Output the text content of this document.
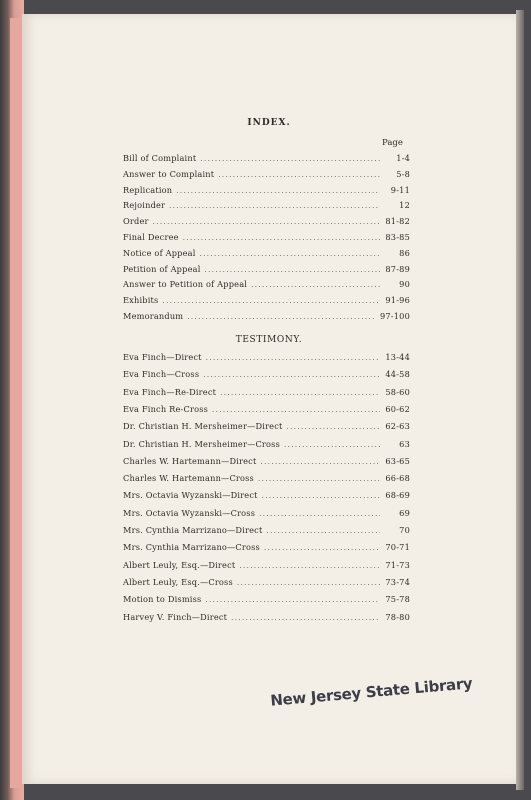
INDEX.
Page
Bill of Complaint .....	1-4
Answer to Complaint .....	5-8
Replication .....	9-11
Rejoinder .....	12
Order .....	81-82
Final Decree .....	83-85
Notice of Appeal .....	86
Petition of Appeal .....	87-89
Answer to Petition of Appeal .....	90
Exhibits .....	91-96
Memorandum .....	97-100
TESTIMONY.
Eva Finch—Direct .....	13-44
Eva Finch—Cross .....	44-58
Eva Finch—Re-Direct .....	58-60
Eva Finch Re-Cross .....	60-62
Dr. Christian H. Mersheimer—Direct .....	62-63
Dr. Christian H. Mersheimer—Cross .....	63
Charles W. Hartemann—Direct .....	63-65
Charles W. Hartemann—Cross .....	66-68
Mrs. Octavia Wyzanski—Direct .....	68-69
Mrs. Octavia Wyzanski—Cross .....	69
Mrs. Cynthia Marrizano—Direct .....	70
Mrs. Cynthia Marrizano—Cross .....	70-71
Albert Leuly, Esq.—Direct .....	71-73
Albert Leuly, Esq.—Cross .....	73-74
Motion to Dismiss .....	75-78
Harvey V. Finch—Direct .....	78-80
New Jersey State Library
